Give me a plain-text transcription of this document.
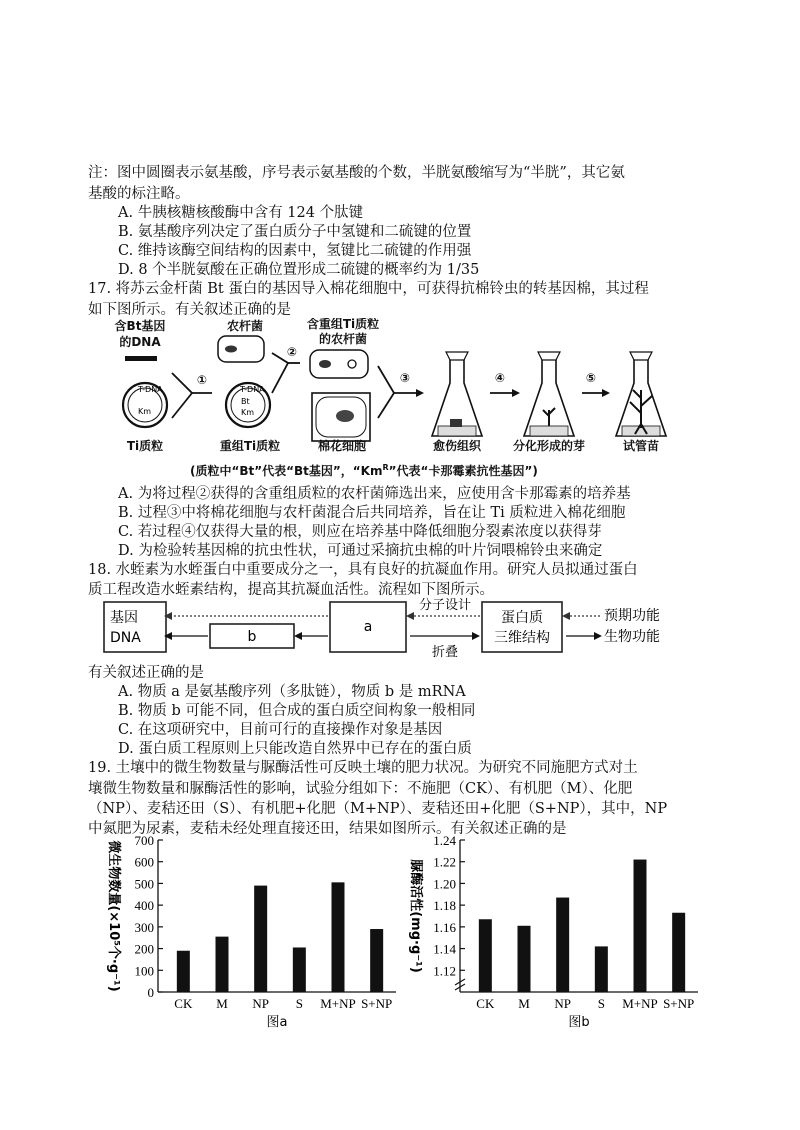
注：图中圆圈表示氨基酸，序号表示氨基酸的个数，半胱氨酸缩写为“半胱”，其它氨
基酸的标注略。
A. 牛胰核糖核酸酶中含有 124 个肽键
B. 氨基酸序列决定了蛋白质分子中氢键和二硫键的位置
C. 维持该酶空间结构的因素中，氢键比二硫键的作用强
D. 8 个半胱氨酸在正确位置形成二硫键的概率约为 1/35
17. 将苏云金杆菌 Bt 蛋白的基因导入棉花细胞中，可获得抗棉铃虫的转基因棉，其过程
如下图所示。有关叙述正确的是
含Bt基因
的DNA
T-DNA
Km
Ti质粒
①
T-DNA
Bt
Km
重组Ti质粒
农杆菌
②
含重组Ti质粒
的农杆菌
棉花细胞
③
愈伤组织
④
分化形成的芽
⑤
试管苗
(质粒中“Bt”代表“Bt基因”，“$Km^R$”代表“卡那霉素抗性基因”)
A. 为将过程②获得的含重组质粒的农杆菌筛选出来，应使用含卡那霉素的培养基
B. 过程③中将棉花细胞与农杆菌混合后共同培养，旨在让 Ti 质粒进入棉花细胞
C. 若过程④仅获得大量的根，则应在培养基中降低细胞分裂素浓度以获得芽
D. 为检验转基因棉的抗虫性状，可通过采摘抗虫棉的叶片饲喂棉铃虫来确定
18. 水蛭素为水蛭蛋白中重要成分之一，具有良好的抗凝血作用。研究人员拟通过蛋白
质工程改造水蛭素结构，提高其抗凝血活性。流程如下图所示。
基因
DNA	b
a
分子设计
折叠
蛋白质
三维结构
预期功能
生物功能
有关叙述正确的是
A. 物质 a 是氨基酸序列（多肽链），物质 b 是 mRNA
B. 物质 b 可能不同，但合成的蛋白质空间构象一般相同
C. 在这项研究中，目前可行的直接操作对象是基因
D. 蛋白质工程原则上只能改造自然界中已存在的蛋白质
19. 土壤中的微生物数量与脲酶活性可反映土壤的肥力状况。为研究不同施肥方式对土
壤微生物数量和脲酶活性的影响，试验分组如下：不施肥（CK）、有机肥（M）、化肥
（NP）、麦秸还田（S）、有机肥+化肥（M+NP）、麦秸还田+化肥（S+NP），其中，NP
中氮肥为尿素，麦秸未经处理直接还田，结果如图所示。有关叙述正确的是
0
100
200
300
400
500
600
700
CK M NP S M+NP S+NP
微生物数量(×10⁵个·g⁻¹)
图a
1.12
1.14
1.16
1.18
1.20
1.22
1.24
CK M NP S M+NP S+NP
脲酶活性(mg·g⁻¹)
图b
